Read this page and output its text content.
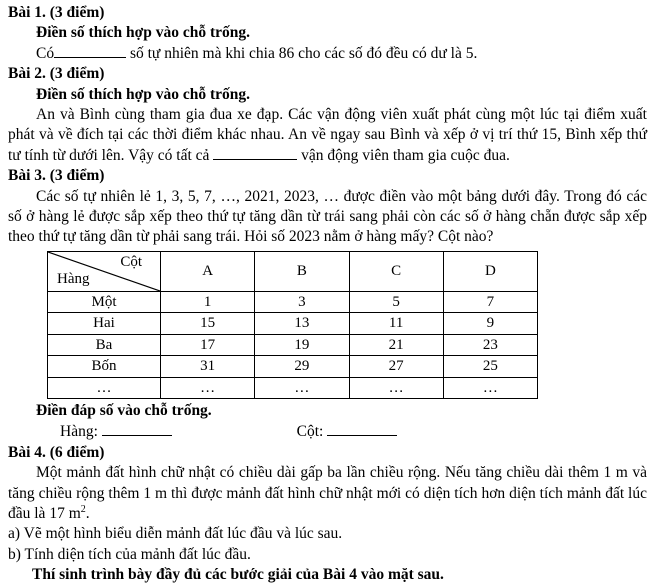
Bài 1. (3 điểm)
Điền số thích hợp vào chỗ trống.
Có	số tự nhiên mà khi chia 86 cho các số đó đều có dư là 5.
Bài 2. (3 điểm)
Điền số thích hợp vào chỗ trống.
An và Bình cùng tham gia đua xe đạp. Các vận động viên xuất phát cùng một lúc tại điểm xuất phát và về đích tại các thời điểm khác nhau. An về ngay sau Bình và xếp ở vị trí thứ 15, Bình xếp thứ tư tính từ dưới lên. Vậy có tất cả	vận động viên tham gia cuộc đua.
Bài 3. (3 điểm)
Các số tự nhiên lẻ 1, 3, 5, 7, …, 2021, 2023, … được điền vào một bảng dưới đây. Trong đó các số ở hàng lẻ được sắp xếp theo thứ tự tăng dần từ trái sang phải còn các số ở hàng chẵn được sắp xếp theo thứ tự tăng dần từ phải sang trái. Hỏi số 2023 nằm ở hàng mấy? Cột nào?
Cột
Hàng	A	B	C	D
Một	1	3	5	7
Hai	15	13	11	9
Ba	17	19	21	23
Bốn	31	29	27	25
…	…	…	…	…
Điền đáp số vào chỗ trống.
Hàng:	Cột:
Bài 4. (6 điểm)
Một mảnh đất hình chữ nhật có chiều dài gấp ba lần chiều rộng. Nếu tăng chiều dài thêm 1 m và tăng chiều rộng thêm 1 m thì được mảnh đất hình chữ nhật mới có diện tích hơn diện tích mảnh đất lúc đầu là 17 $m^2$.
a) Vẽ một hình biểu diễn mảnh đất lúc đầu và lúc sau.
b) Tính diện tích của mảnh đất lúc đầu.
Thí sinh trình bày đầy đủ các bước giải của Bài 4 vào mặt sau.
